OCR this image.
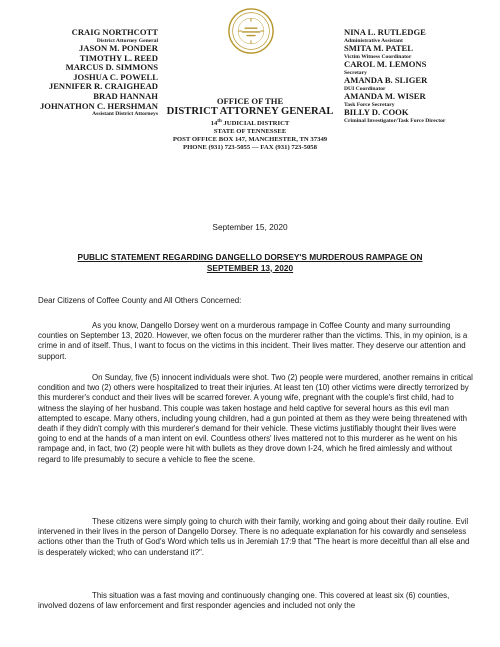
CRAIG NORTHCOTT
District Attorney General
JASON M. PONDER
TIMOTHY L. REED
MARCUS D. SIMMONS
JOSHUA C. POWELL
JENNIFER R. CRAIGHEAD
BRAD HANNAH
JOHNATHON C. HERSHMAN
Assistant District Attorneys
NINA L. RUTLEDGE
Administrative Assistant
SMITA M. PATEL
Victim Witness Coordinator
CAROL M. LEMONS
Secretary
AMANDA B. SLIGER
DUI Coordinator
AMANDA M. WISER
Task Force Secretary
BILLY D. COOK
Criminal Investigator/Task Force Director
OFFICE OF THE
DISTRICT ATTORNEY GENERAL
14th JUDICIAL DISTRICT
STATE OF TENNESSEE
POST OFFICE BOX 147, MANCHESTER, TN 37349
PHONE (931) 723-5055 — FAX (931) 723-5058
September 15, 2020
PUBLIC STATEMENT REGARDING DANGELLO DORSEY'S MURDEROUS RAMPAGE ON SEPTEMBER 13, 2020
Dear Citizens of Coffee County and All Others Concerned:
As you know, Dangello Dorsey went on a murderous rampage in Coffee County and many surrounding counties on September 13, 2020. However, we often focus on the murderer rather than the victims. This, in my opinion, is a crime in and of itself. Thus, I want to focus on the victims in this incident. Their lives matter. They deserve our attention and support.
On Sunday, five (5) innocent individuals were shot. Two (2) people were murdered, another remains in critical condition and two (2) others were hospitalized to treat their injuries. At least ten (10) other victims were directly terrorized by this murderer's conduct and their lives will be scarred forever. A young wife, pregnant with the couple's first child, had to witness the slaying of her husband. This couple was taken hostage and held captive for several hours as this evil man attempted to escape. Many others, including young children, had a gun pointed at them as they were being threatened with death if they didn't comply with this murderer's demand for their vehicle. These victims justifiably thought their lives were going to end at the hands of a man intent on evil. Countless others' lives mattered not to this murderer as he went on his rampage and, in fact, two (2) people were hit with bullets as they drove down I-24, which he fired aimlessly and without regard to life presumably to secure a vehicle to flee the scene.
These citizens were simply going to church with their family, working and going about their daily routine. Evil intervened in their lives in the person of Dangello Dorsey. There is no adequate explanation for his cowardly and senseless actions other than the Truth of God's Word which tells us in Jeremiah 17:9 that "The heart is more deceitful than all else and is desperately wicked; who can understand it?".
This situation was a fast moving and continuously changing one. This covered at least six (6) counties, involved dozens of law enforcement and first responder agencies and included not only the
